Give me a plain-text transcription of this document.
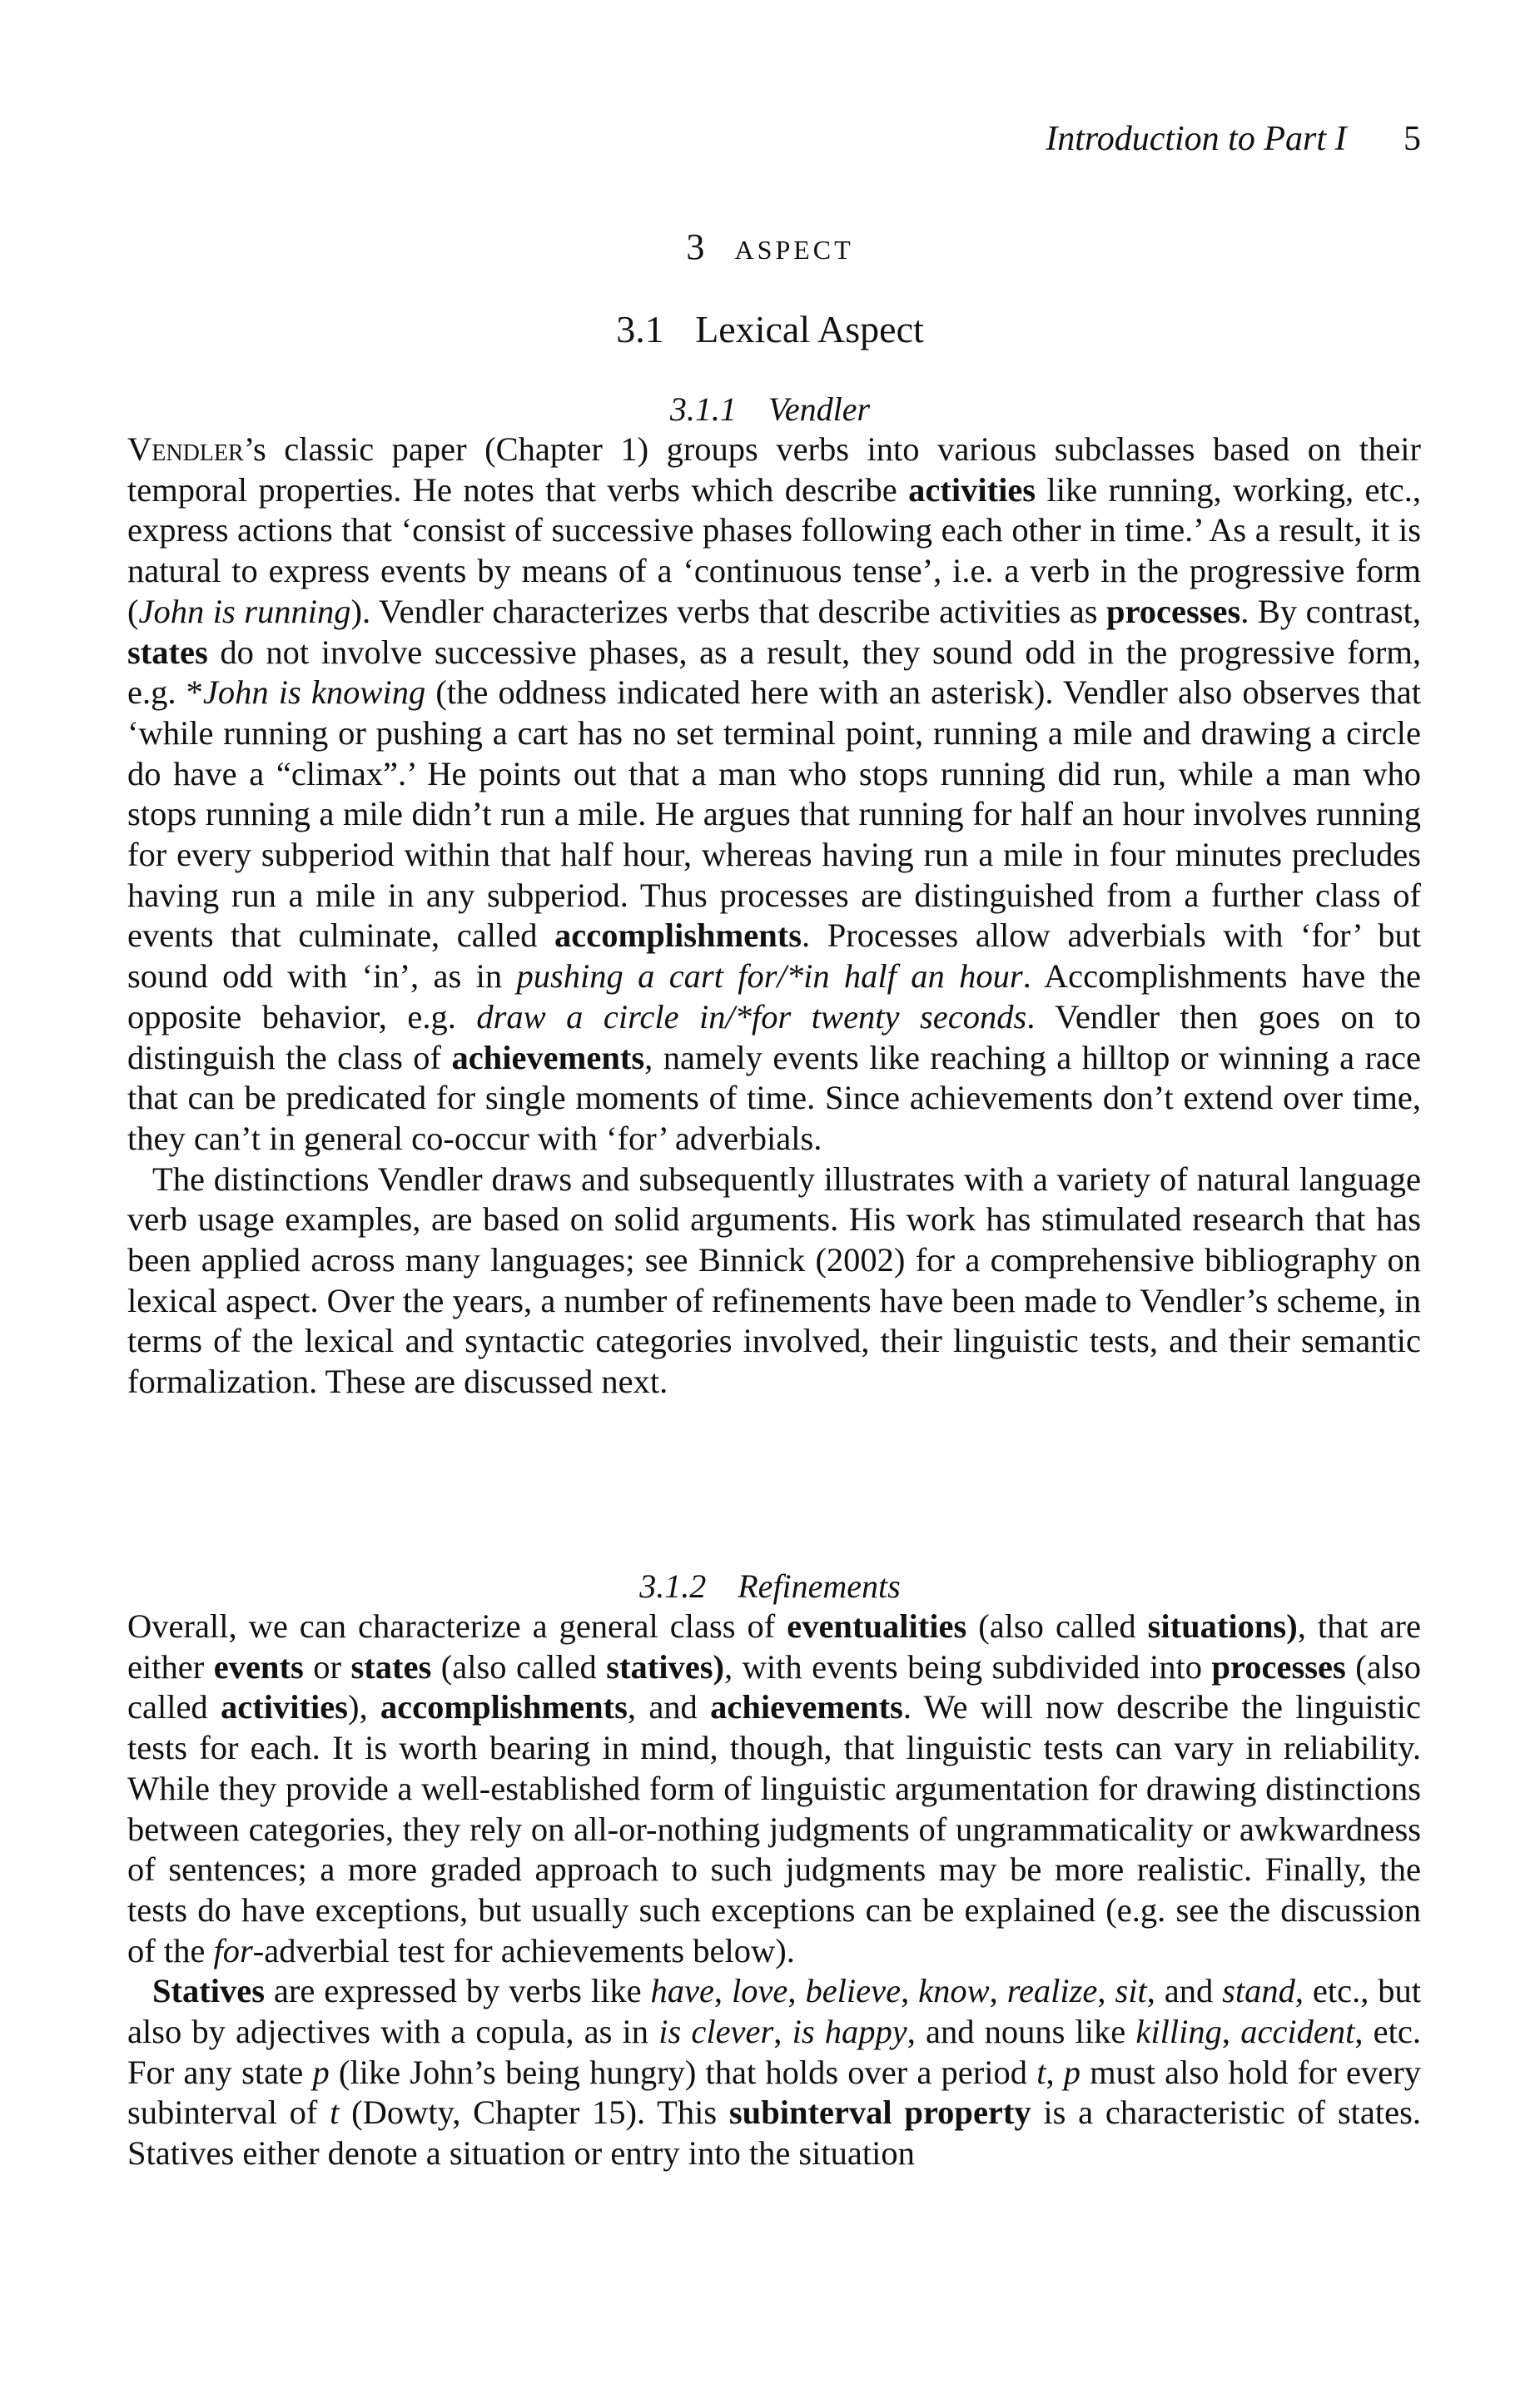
Introduction to Part I 5
3 ASPECT
3.1 Lexical Aspect
3.1.1 Vendler

Vendler’s classic paper (Chapter 1) groups verbs into various subclasses based on their temporal properties. He notes that verbs which describe activities like running, working, etc., express actions that ‘consist of successive phases following each other in time.’ As a result, it is natural to express events by means of a ‘continuous tense’, i.e. a verb in the progressive form (John is running). Vendler characterizes verbs that describe activities as processes. By contrast, states do not involve successive phases, as a result, they sound odd in the progressive form, e.g. *John is knowing (the oddness indicated here with an asterisk). Vendler also observes that ‘while running or pushing a cart has no set terminal point, running a mile and drawing a circle do have a “climax”.’ He points out that a man who stops running did run, while a man who stops running a mile didn’t run a mile. He argues that running for half an hour involves running for every subperiod within that half hour, whereas having run a mile in four minutes precludes having run a mile in any subperiod. Thus processes are distinguished from a further class of events that culminate, called accomplishments. Processes allow adverbials with ‘for’ but sound odd with ‘in’, as in pushing a cart for/*in half an hour. Accomplishments have the opposite behavior, e.g. draw a circle in/*for twenty seconds. Vendler then goes on to distinguish the class of achievements, namely events like reaching a hilltop or winning a race that can be predicated for single moments of time. Since achievements don’t extend over time, they can’t in general co-occur with ‘for’ adverbials.

The distinctions Vendler draws and subsequently illustrates with a variety of natural language verb usage examples, are based on solid arguments. His work has stimulated research that has been applied across many languages; see Binnick (2002) for a comprehensive bibliography on lexical aspect. Over the years, a number of refinements have been made to Vendler’s scheme, in terms of the lexical and syntactic categories involved, their linguistic tests, and their semantic formalization. These are discussed next.

3.1.2 Refinements

Overall, we can characterize a general class of eventualities (also called situations), that are either events or states (also called statives), with events being subdivided into processes (also called activities), accomplishments, and achievements. We will now describe the linguistic tests for each. It is worth bearing in mind, though, that linguistic tests can vary in reliability. While they provide a well-established form of linguistic argumentation for drawing distinctions between categories, they rely on all-or-nothing judgments of ungrammaticality or awkwardness of sentences; a more graded approach to such judgments may be more realistic. Finally, the tests do have exceptions, but usually such exceptions can be explained (e.g. see the discussion of the for-adverbial test for achievements below).

Statives are expressed by verbs like have, love, believe, know, realize, sit, and stand, etc., but also by adjectives with a copula, as in is clever, is happy, and nouns like killing, accident, etc. For any state p (like John’s being hungry) that holds over a period t, p must also hold for every subinterval of t (Dowty, Chapter 15). This subinterval property is a characteristic of states. Statives either denote a situation or entry into the situation
